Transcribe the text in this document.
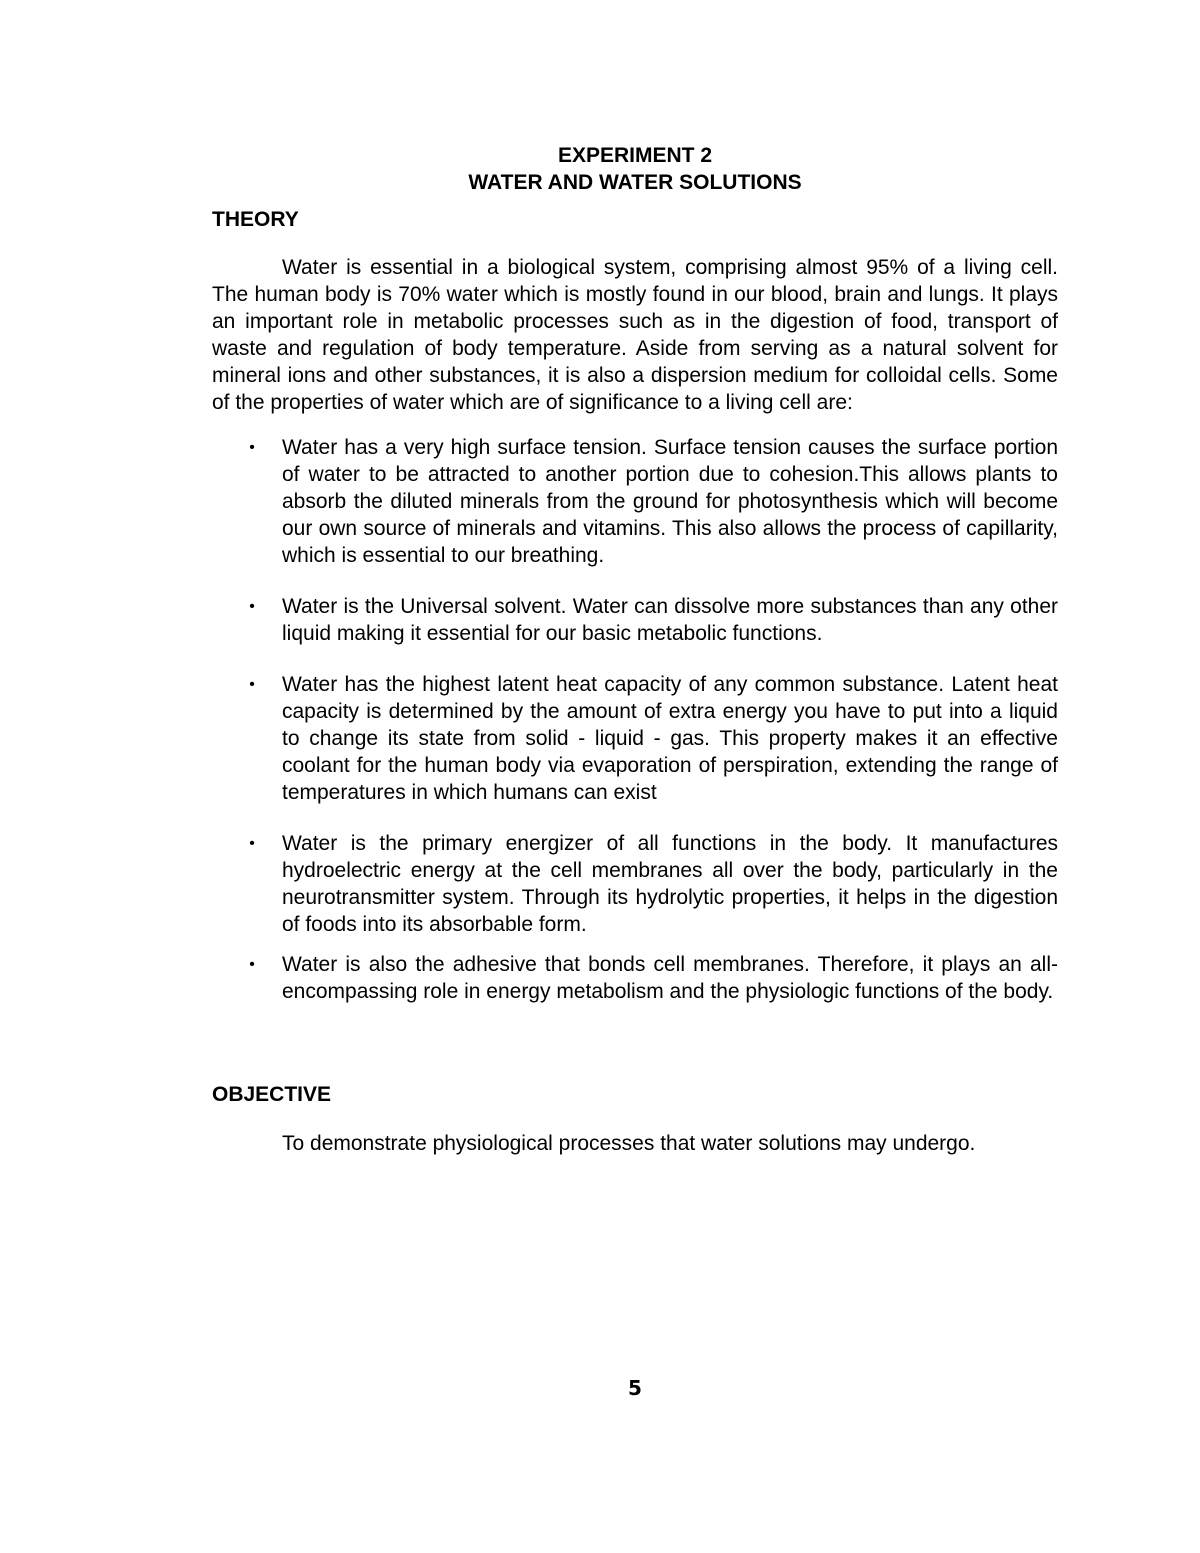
EXPERIMENT 2

WATER AND WATER SOLUTIONS

THEORY

Water is essential in a biological system, comprising almost 95% of a living cell. The human body is 70% water which is mostly found in our blood, brain and lungs. It plays an important role in metabolic processes such as in the digestion of food, transport of waste and regulation of body temperature. Aside from serving as a natural solvent for mineral ions and other substances, it is also a dispersion medium for colloidal cells. Some of the properties of water which are of significance to a living cell are:

•	Water has a very high surface tension. Surface tension causes the surface portion of water to be attracted to another portion due to cohesion.This allows plants to absorb the diluted minerals from the ground for photosynthesis which will become our own source of minerals and vitamins. This also allows the process of capillarity, which is essential to our breathing.
•	Water is the Universal solvent. Water can dissolve more substances than any other liquid making it essential for our basic metabolic functions.
•	Water has the highest latent heat capacity of any common substance. Latent heat capacity is determined by the amount of extra energy you have to put into a liquid to change its state from solid - liquid - gas. This property makes it an effective coolant for the human body via evaporation of perspiration, extending the range of temperatures in which humans can exist
•	Water is the primary energizer of all functions in the body. It manufactures hydroelectric energy at the cell membranes all over the body, particularly in the neurotransmitter system. Through its hydrolytic properties, it helps in the digestion of foods into its absorbable form.
•	Water is also the adhesive that bonds cell membranes. Therefore, it plays an all-encompassing role in energy metabolism and the physiologic functions of the body.

OBJECTIVE

To demonstrate physiological processes that water solutions may undergo.

5
